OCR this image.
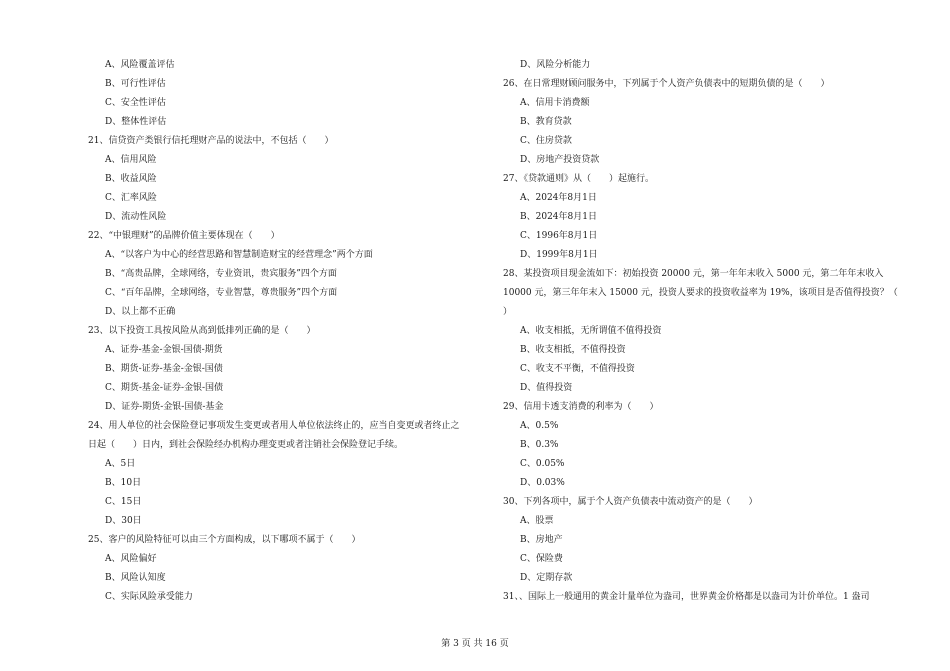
A、风险覆盖评估
B、可行性评估
C、安全性评估
D、整体性评估
21、信贷资产类银行信托理财产品的说法中，不包括（　　）
A、信用风险
B、收益风险
C、汇率风险
D、流动性风险
22、“中银理财”的品牌价值主要体现在（　　）
A、“以客户为中心的经营思路和智慧制造财宝的经营理念”两个方面
B、“高贵品牌，全球网络，专业资讯，贵宾服务”四个方面
C、“百年品牌，全球网络，专业智慧，尊贵服务”四个方面
D、以上都不正确
23、以下投资工具按风险从高到低排列正确的是（　　）
A、证券-基金-金银-国债-期货
B、期货-证券-基金-金银-国债
C、期货-基金-证券-金银-国债
D、证券-期货-金银-国债-基金
24、用人单位的社会保险登记事项发生变更或者用人单位依法终止的，应当自变更或者终止之
日起（　　）日内，到社会保险经办机构办理变更或者注销社会保险登记手续。
A、5日
B、10日
C、15日
D、30日
25、客户的风险特征可以由三个方面构成，以下哪项不属于（　　）
A、风险偏好
B、风险认知度
C、实际风险承受能力
D、风险分析能力
26、在日常理财顾问服务中，下列属于个人资产负债表中的短期负债的是（　　）
A、信用卡消费额
B、教育贷款
C、住房贷款
D、房地产投资贷款
27、《贷款通则》从（　　）起施行。
A、2024年8月1日
B、2024年8月1日
C、1996年8月1日
D、1999年8月1日
28、某投资项目现金流如下：初始投资 20000 元，第一年年末收入 5000 元，第二年年末收入
10000 元，第三年年末入 15000 元，投资人要求的投资收益率为 19%，该项目是否值得投资？（
）
A、收支相抵，无所谓值不值得投资
B、收支相抵，不值得投资
C、收支不平衡，不值得投资
D、值得投资
29、信用卡透支消费的利率为（　　）
A、0.5%
B、0.3%
C、0.05%
D、0.03%
30、下列各项中，属于个人资产负债表中流动资产的是（　　）
A、股票
B、房地产
C、保险费
D、定期存款
31、、国际上一般通用的黄金计量单位为盎司，世界黄金价格都是以盎司为计价单位。1 盎司
第 3 页 共 16 页
